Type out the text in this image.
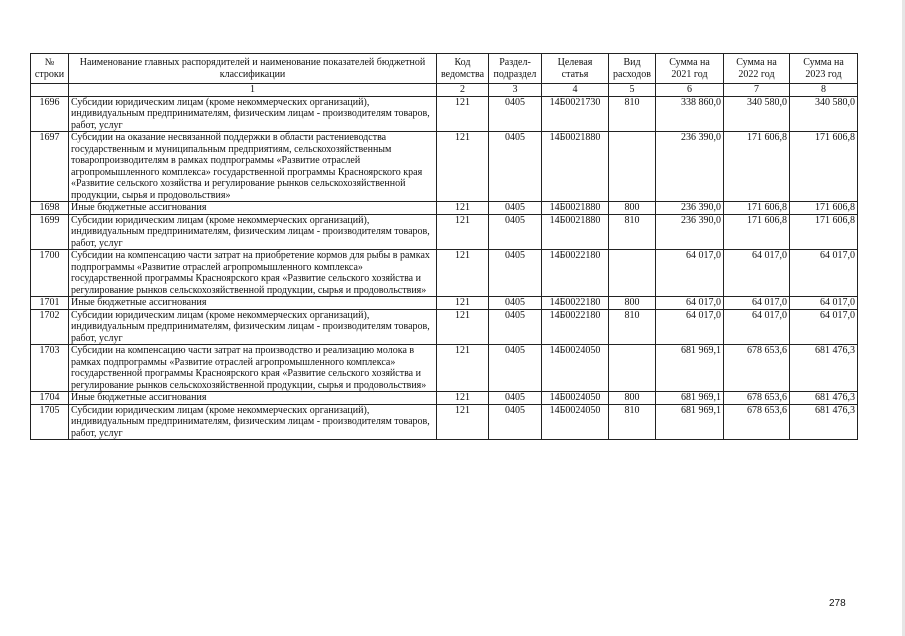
№ строки	Наименование главных распорядителей и наименование показателей бюджетной классификации	Код ведомства	Раздел-подраздел	Целевая статья	Вид расходов	Сумма на 2021 год	Сумма на 2022 год	Сумма на 2023 год
	1	2	3	4	5	6	7	8
1696	Субсидии юридическим лицам (кроме некоммерческих организаций), индивидуальным предпринимателям, физическим лицам - производителям товаров, работ, услуг	121	0405	14Б0021730	810	338 860,0	340 580,0	340 580,0
1697	Субсидии на оказание несвязанной поддержки в области растениеводства государственным и муниципальным предприятиям, сельскохозяйственным товаропроизводителям в рамках подпрограммы «Развитие отраслей агропромышленного комплекса» государственной программы Красноярского края «Развитие сельского хозяйства и регулирование рынков сельскохозяйственной продукции, сырья и продовольствия»	121	0405	14Б0021880		236 390,0	171 606,8	171 606,8
1698	Иные бюджетные ассигнования	121	0405	14Б0021880	800	236 390,0	171 606,8	171 606,8
1699	Субсидии юридическим лицам (кроме некоммерческих организаций), индивидуальным предпринимателям, физическим лицам - производителям товаров, работ, услуг	121	0405	14Б0021880	810	236 390,0	171 606,8	171 606,8
1700	Субсидии на компенсацию части затрат на приобретение кормов для рыбы в рамках подпрограммы «Развитие отраслей агропромышленного комплекса» государственной программы Красноярского края «Развитие сельского хозяйства и регулирование рынков сельскохозяйственной продукции, сырья и продовольствия»	121	0405	14Б0022180		64 017,0	64 017,0	64 017,0
1701	Иные бюджетные ассигнования	121	0405	14Б0022180	800	64 017,0	64 017,0	64 017,0
1702	Субсидии юридическим лицам (кроме некоммерческих организаций), индивидуальным предпринимателям, физическим лицам - производителям товаров, работ, услуг	121	0405	14Б0022180	810	64 017,0	64 017,0	64 017,0
1703	Субсидии на компенсацию части затрат на производство и реализацию молока в рамках подпрограммы «Развитие отраслей агропромышленного комплекса» государственной программы Красноярского края «Развитие сельского хозяйства и регулирование рынков сельскохозяйственной продукции, сырья и продовольствия»	121	0405	14Б0024050		681 969,1	678 653,6	681 476,3
1704	Иные бюджетные ассигнования	121	0405	14Б0024050	800	681 969,1	678 653,6	681 476,3
1705	Субсидии юридическим лицам (кроме некоммерческих организаций), индивидуальным предпринимателям, физическим лицам - производителям товаров, работ, услуг	121	0405	14Б0024050	810	681 969,1	678 653,6	681 476,3
278
